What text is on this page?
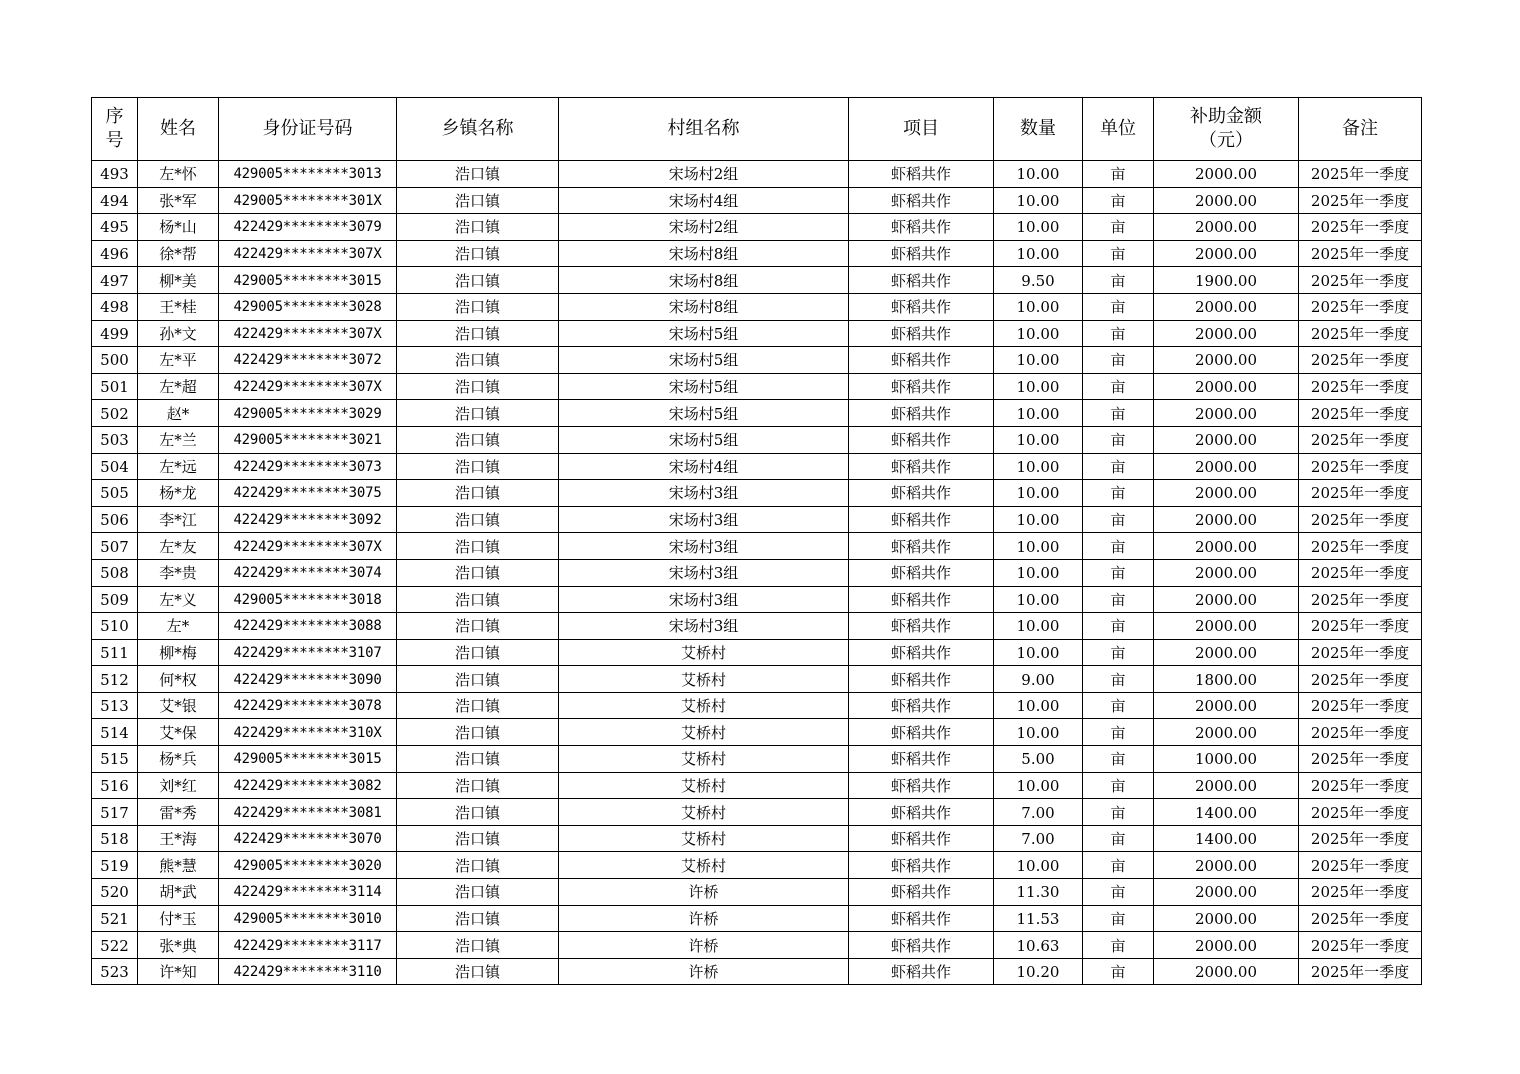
序号	姓名	身份证号码	乡镇名称	村组名称	项目	数量	单位	补助金额（元）	备注
493	左*怀	429005********3013	浩口镇	宋场村2组	虾稻共作	10.00	亩	2000.00	2025年一季度
494	张*军	429005********301X	浩口镇	宋场村4组	虾稻共作	10.00	亩	2000.00	2025年一季度
495	杨*山	422429********3079	浩口镇	宋场村2组	虾稻共作	10.00	亩	2000.00	2025年一季度
496	徐*帮	422429********307X	浩口镇	宋场村8组	虾稻共作	10.00	亩	2000.00	2025年一季度
497	柳*美	429005********3015	浩口镇	宋场村8组	虾稻共作	9.50	亩	1900.00	2025年一季度
498	王*桂	429005********3028	浩口镇	宋场村8组	虾稻共作	10.00	亩	2000.00	2025年一季度
499	孙*文	422429********307X	浩口镇	宋场村5组	虾稻共作	10.00	亩	2000.00	2025年一季度
500	左*平	422429********3072	浩口镇	宋场村5组	虾稻共作	10.00	亩	2000.00	2025年一季度
501	左*超	422429********307X	浩口镇	宋场村5组	虾稻共作	10.00	亩	2000.00	2025年一季度
502	赵*	429005********3029	浩口镇	宋场村5组	虾稻共作	10.00	亩	2000.00	2025年一季度
503	左*兰	429005********3021	浩口镇	宋场村5组	虾稻共作	10.00	亩	2000.00	2025年一季度
504	左*远	422429********3073	浩口镇	宋场村4组	虾稻共作	10.00	亩	2000.00	2025年一季度
505	杨*龙	422429********3075	浩口镇	宋场村3组	虾稻共作	10.00	亩	2000.00	2025年一季度
506	李*江	422429********3092	浩口镇	宋场村3组	虾稻共作	10.00	亩	2000.00	2025年一季度
507	左*友	422429********307X	浩口镇	宋场村3组	虾稻共作	10.00	亩	2000.00	2025年一季度
508	李*贵	422429********3074	浩口镇	宋场村3组	虾稻共作	10.00	亩	2000.00	2025年一季度
509	左*义	429005********3018	浩口镇	宋场村3组	虾稻共作	10.00	亩	2000.00	2025年一季度
510	左*	422429********3088	浩口镇	宋场村3组	虾稻共作	10.00	亩	2000.00	2025年一季度
511	柳*梅	422429********3107	浩口镇	艾桥村	虾稻共作	10.00	亩	2000.00	2025年一季度
512	何*权	422429********3090	浩口镇	艾桥村	虾稻共作	9.00	亩	1800.00	2025年一季度
513	艾*银	422429********3078	浩口镇	艾桥村	虾稻共作	10.00	亩	2000.00	2025年一季度
514	艾*保	422429********310X	浩口镇	艾桥村	虾稻共作	10.00	亩	2000.00	2025年一季度
515	杨*兵	429005********3015	浩口镇	艾桥村	虾稻共作	5.00	亩	1000.00	2025年一季度
516	刘*红	422429********3082	浩口镇	艾桥村	虾稻共作	10.00	亩	2000.00	2025年一季度
517	雷*秀	422429********3081	浩口镇	艾桥村	虾稻共作	7.00	亩	1400.00	2025年一季度
518	王*海	422429********3070	浩口镇	艾桥村	虾稻共作	7.00	亩	1400.00	2025年一季度
519	熊*慧	429005********3020	浩口镇	艾桥村	虾稻共作	10.00	亩	2000.00	2025年一季度
520	胡*武	422429********3114	浩口镇	许桥	虾稻共作	11.30	亩	2000.00	2025年一季度
521	付*玉	429005********3010	浩口镇	许桥	虾稻共作	11.53	亩	2000.00	2025年一季度
522	张*典	422429********3117	浩口镇	许桥	虾稻共作	10.63	亩	2000.00	2025年一季度
523	许*知	422429********3110	浩口镇	许桥	虾稻共作	10.20	亩	2000.00	2025年一季度
